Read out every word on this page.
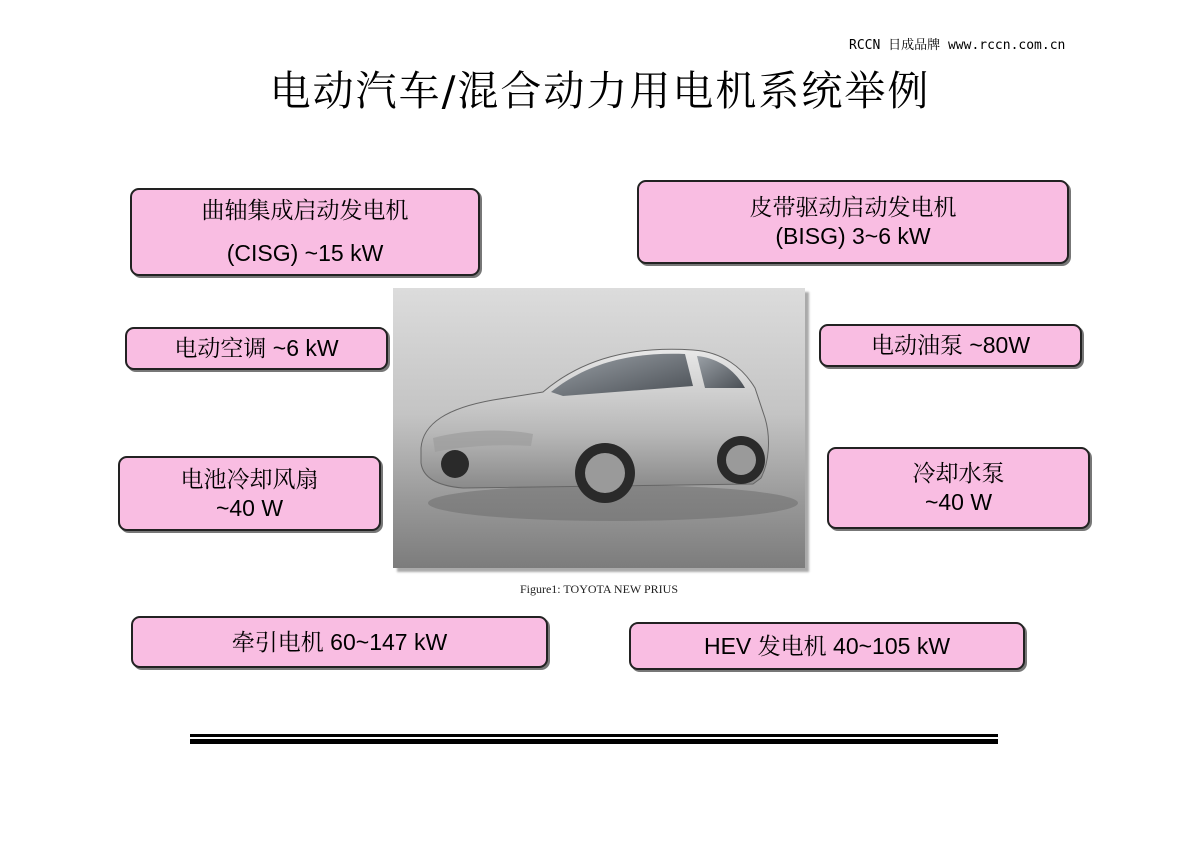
RCCN 日成品牌 www.rccn.com.cn
电动汽车/混合动力用电机系统举例
曲轴集成启动发电机
(CISG) ~15 kW
皮带驱动启动发电机
(BISG) 3~6 kW
电动空调 ~6 kW	电动油泵 ~80W
电池冷却风扇
~40 W
冷却水泵
~40 W
牵引电机 60~147 kW	HEV 发电机 40~105 kW
Figure1: TOYOTA NEW PRIUS
